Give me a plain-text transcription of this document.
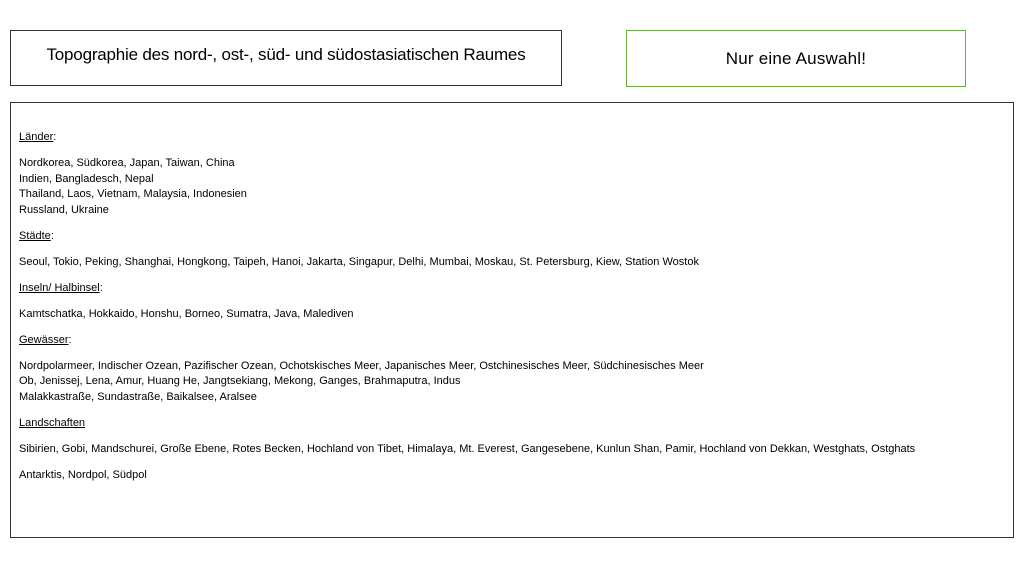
Topographie des nord-, ost-, süd- und südostasiatischen Raumes	Nur eine Auswahl!
Länder:
Nordkorea, Südkorea, Japan, Taiwan, China
Indien, Bangladesch, Nepal
Thailand, Laos, Vietnam, Malaysia, Indonesien
Russland, Ukraine
Städte:
Seoul, Tokio, Peking, Shanghai, Hongkong, Taipeh, Hanoi, Jakarta, Singapur, Delhi, Mumbai, Moskau, St. Petersburg, Kiew, Station Wostok
Inseln/ Halbinsel:
Kamtschatka, Hokkaido, Honshu, Borneo, Sumatra, Java, Malediven
Gewässer:
Nordpolarmeer, Indischer Ozean, Pazifischer Ozean, Ochotskisches Meer, Japanisches Meer, Ostchinesisches Meer, Südchinesisches Meer
Ob, Jenissej, Lena, Amur, Huang He, Jangtsekiang, Mekong, Ganges, Brahmaputra, Indus
Malakkastraße, Sundastraße, Baikalsee, Aralsee
Landschaften
Sibirien, Gobi, Mandschurei, Große Ebene, Rotes Becken, Hochland von Tibet, Himalaya, Mt. Everest, Gangesebene, Kunlun Shan, Pamir, Hochland von Dekkan, Westghats, Ostghats
Antarktis, Nordpol, Südpol
